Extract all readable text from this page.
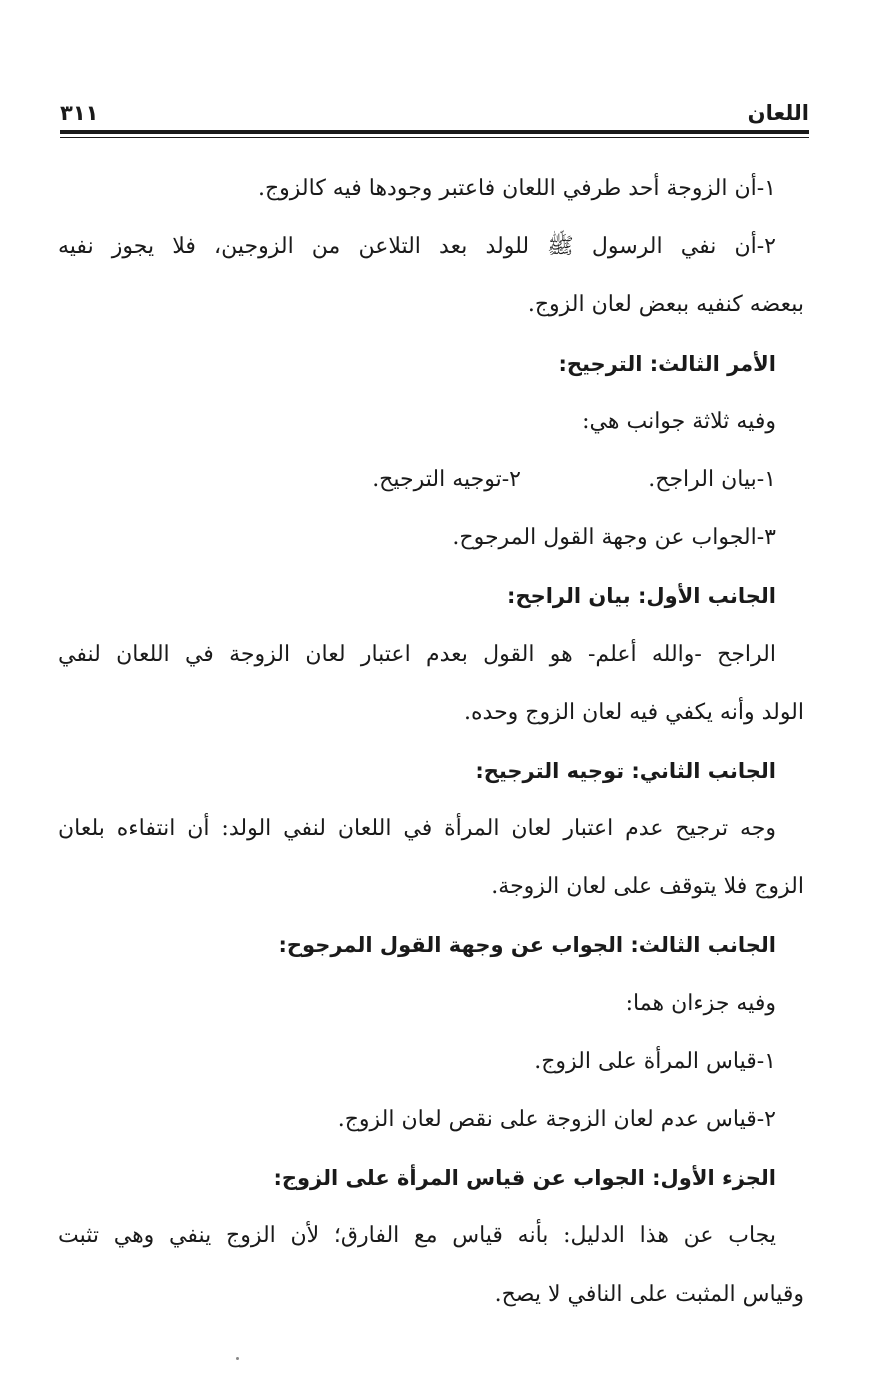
اللعان
٣١١
١-أن الزوجة أحد طرفي اللعان فاعتبر وجودها فيه كالزوج.
٢-أن نفي الرسول ﷺ للولد بعد التلاعن من الزوجين، فلا يجوز نفيه
ببعضه كنفيه ببعض لعان الزوج.
الأمر الثالث: الترجيح:
وفيه ثلاثة جوانب هي:
١-بيان الراجح.
٢-توجيه الترجيح.
٣-الجواب عن وجهة القول المرجوح.
الجانب الأول: بيان الراجح:
الراجح -والله أعلم- هو القول بعدم اعتبار لعان الزوجة في اللعان لنفي
الولد وأنه يكفي فيه لعان الزوج وحده.
الجانب الثاني: توجيه الترجيح:
وجه ترجيح عدم اعتبار لعان المرأة في اللعان لنفي الولد: أن انتفاءه بلعان
الزوج فلا يتوقف على لعان الزوجة.
الجانب الثالث: الجواب عن وجهة القول المرجوح:
وفيه جزءان هما:
١-قياس المرأة على الزوج.
٢-قياس عدم لعان الزوجة على نقص لعان الزوج.
الجزء الأول: الجواب عن قياس المرأة على الزوج:
يجاب عن هذا الدليل: بأنه قياس مع الفارق؛ لأن الزوج ينفي وهي تثبت
وقياس المثبت على النافي لا يصح.
